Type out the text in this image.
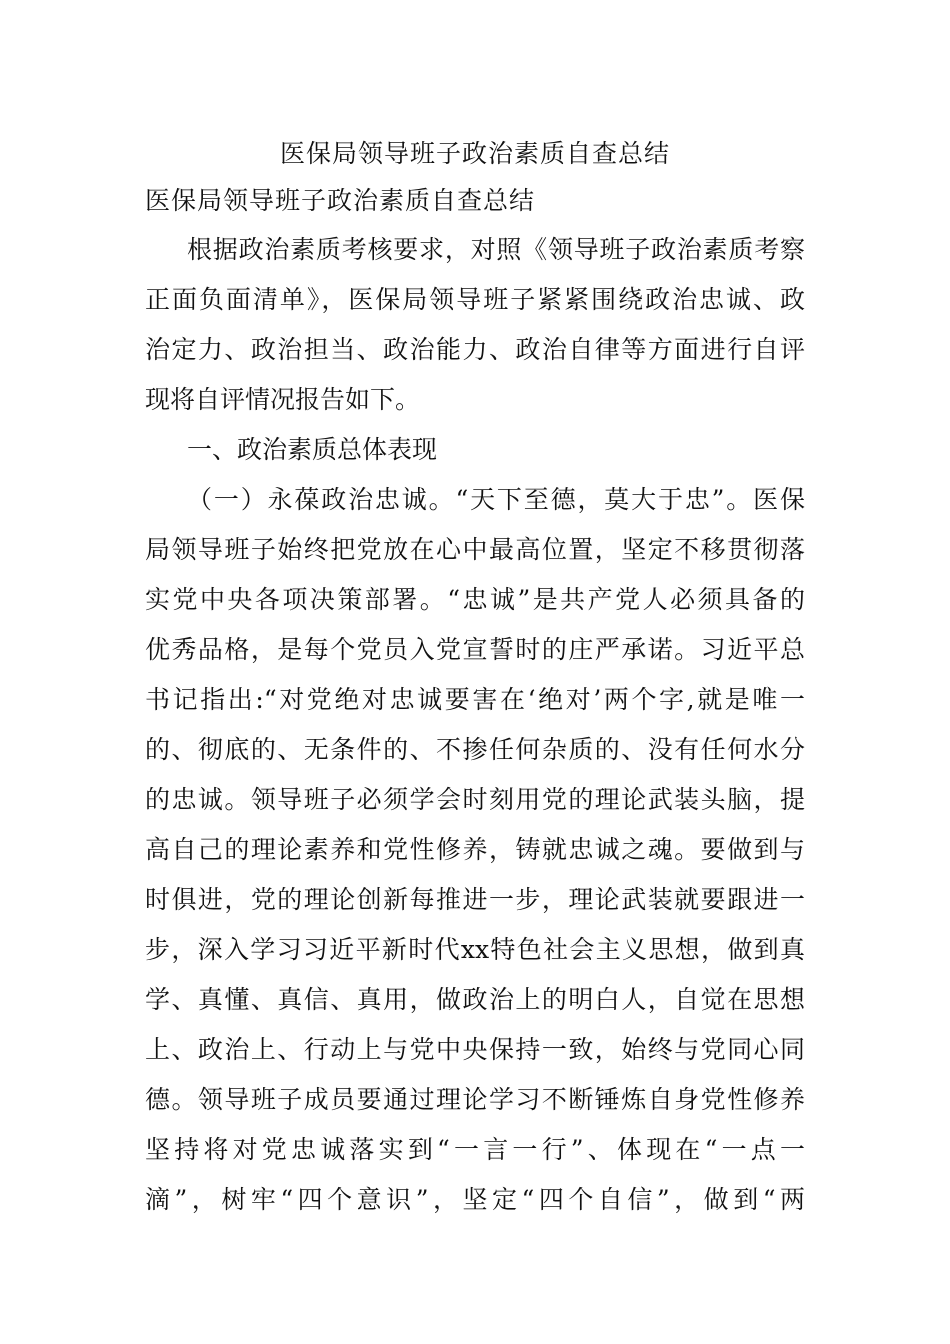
医保局领导班子政治素质自查总结
医保局领导班子政治素质自查总结
根据政治素质考核要求，对照《领导班子政治素质考察
正面负面清单》，医保局领导班子紧紧围绕政治忠诚、政
治定力、政治担当、政治能力、政治自律等方面进行自评
现将自评情况报告如下。
一、政治素质总体表现
（一）永葆政治忠诚。“天下至德，莫大于忠”。医保
局领导班子始终把党放在心中最高位置，坚定不移贯彻落
实党中央各项决策部署。“忠诚”是共产党人必须具备的
优秀品格，是每个党员入党宣誓时的庄严承诺。习近平总
书记指出:“对党绝对忠诚要害在‘绝对’两个字,就是唯一
的、彻底的、无条件的、不掺任何杂质的、没有任何水分
的忠诚。领导班子必须学会时刻用党的理论武装头脑，提
高自己的理论素养和党性修养，铸就忠诚之魂。要做到与
时俱进，党的理论创新每推进一步，理论武装就要跟进一
步，深入学习习近平新时代xx特色社会主义思想，做到真
学、真懂、真信、真用，做政治上的明白人，自觉在思想
上、政治上、行动上与党中央保持一致，始终与党同心同
德。领导班子成员要通过理论学习不断锤炼自身党性修养
坚持将对党忠诚落实到“一言一行”、体现在“一点一
滴”，树牢“四个意识”，坚定“四个自信”，做到“两
